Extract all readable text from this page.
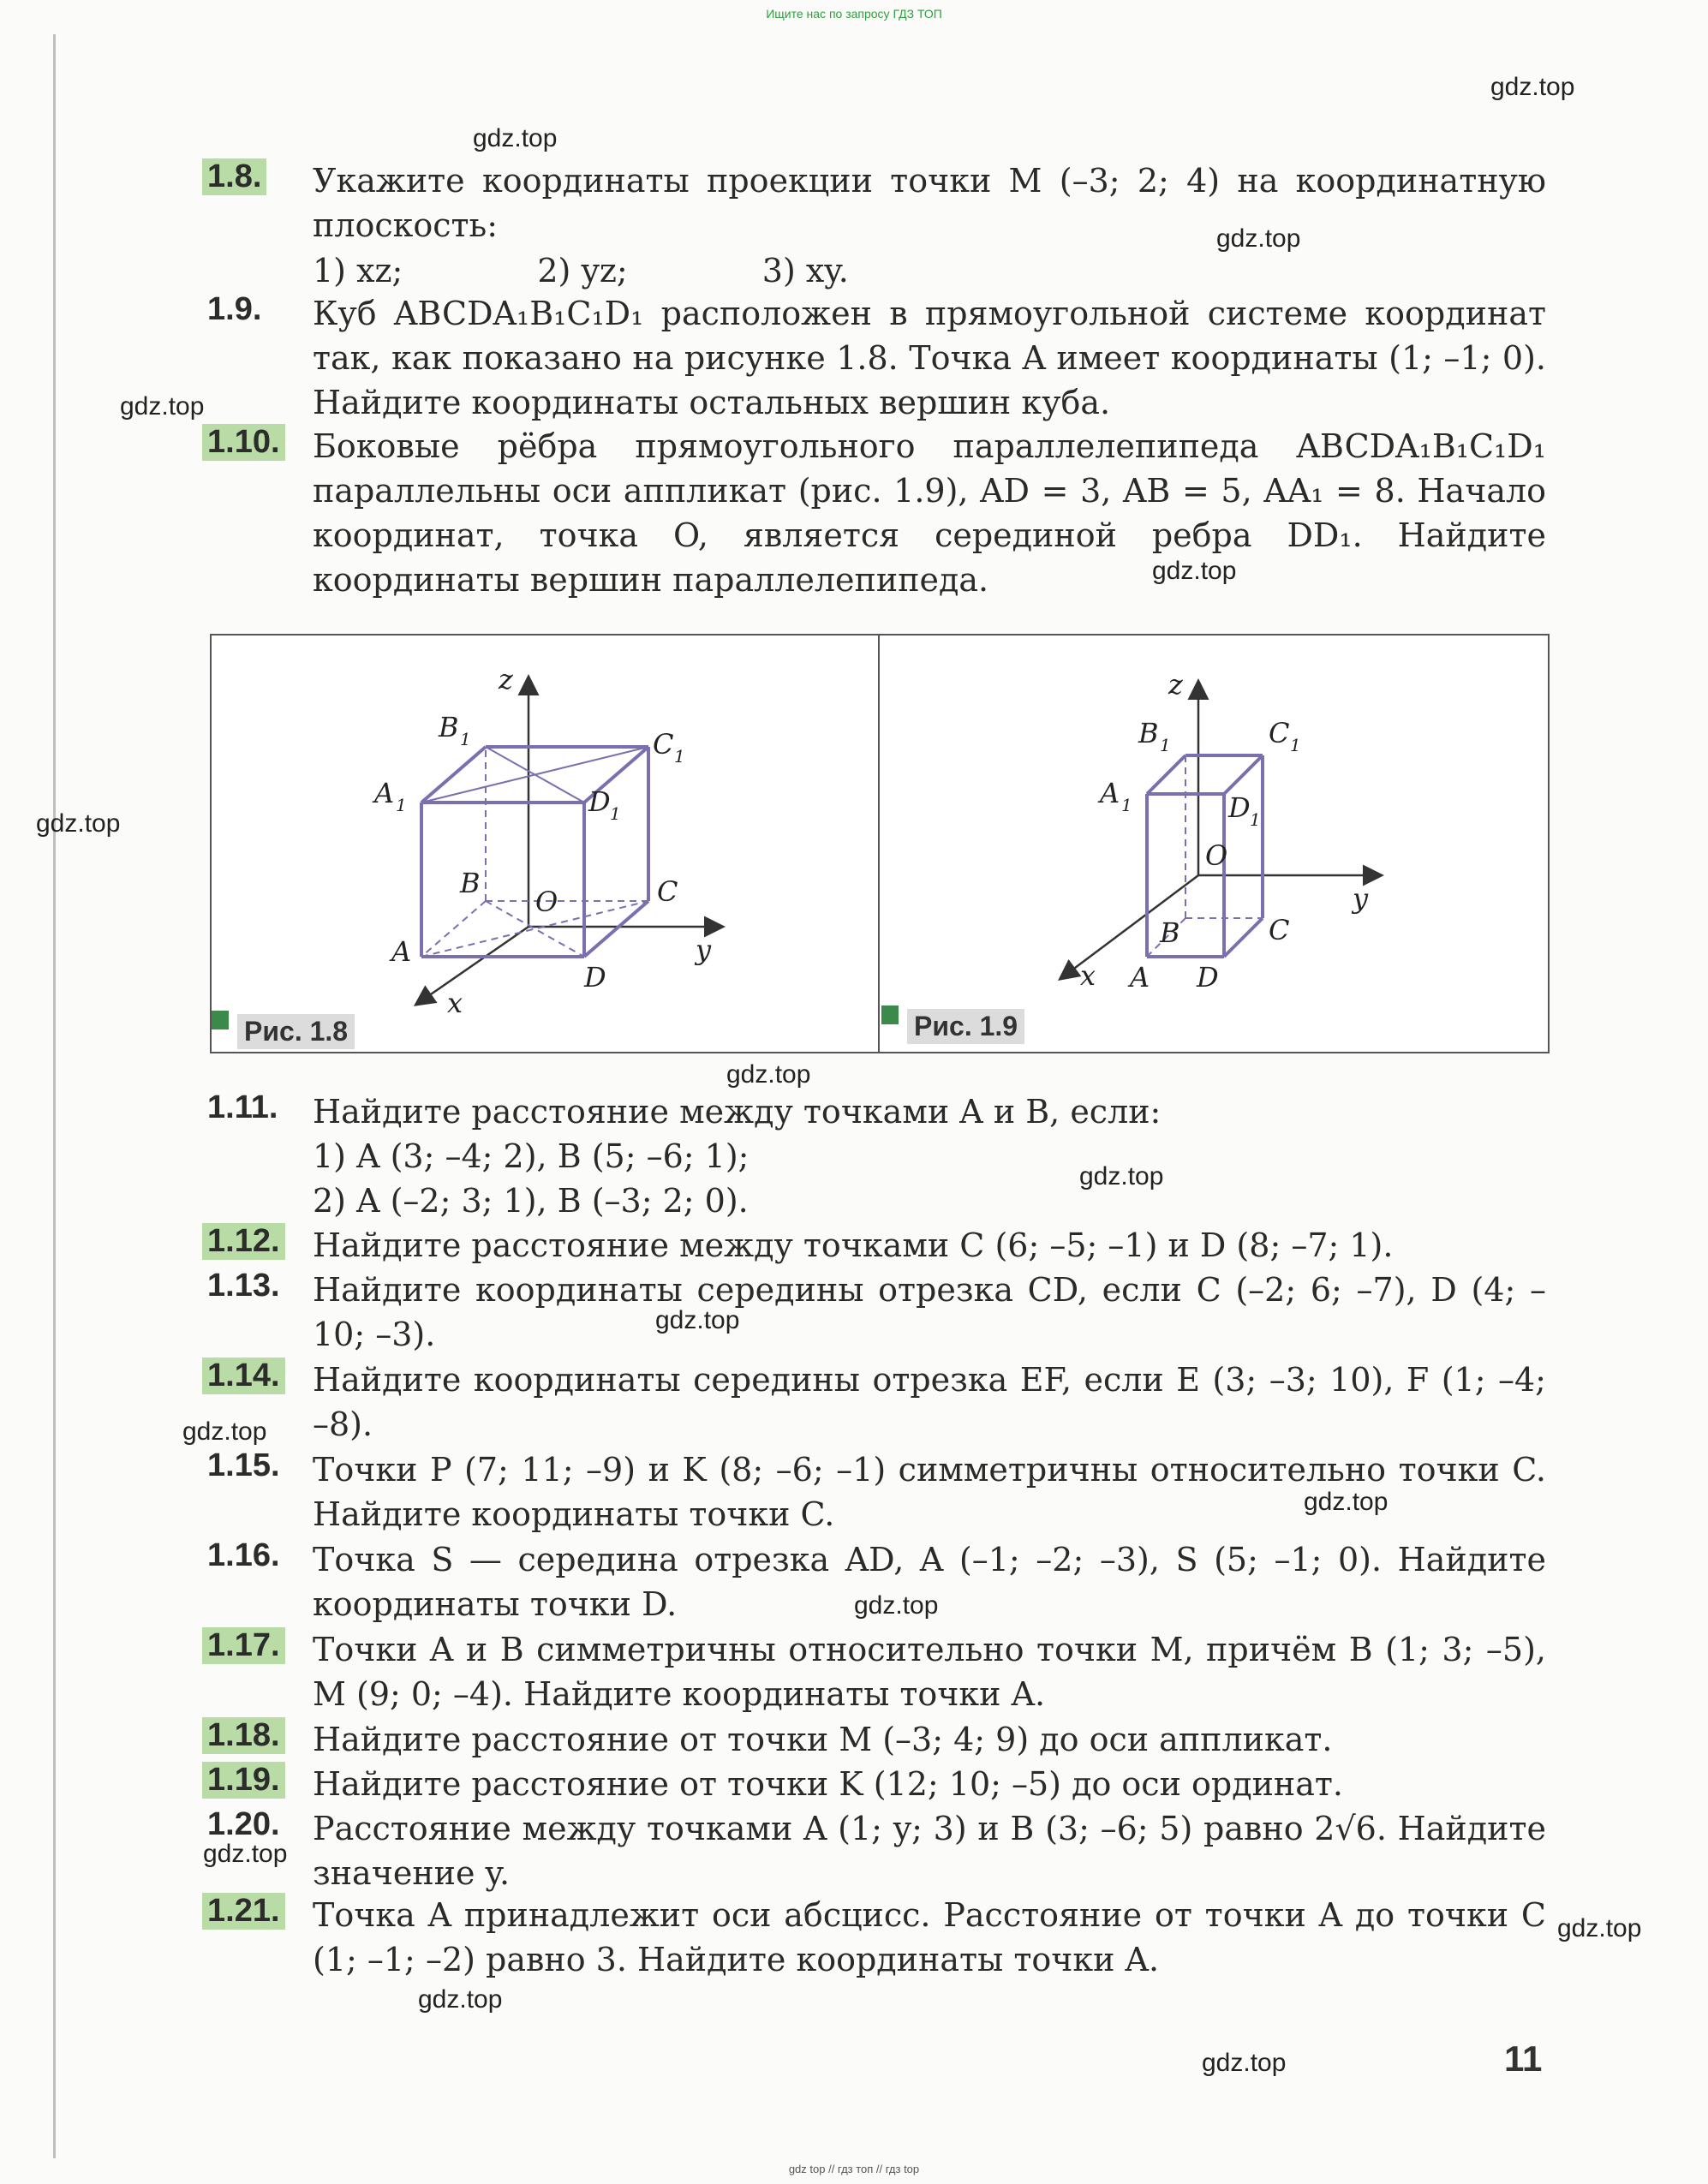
Ищите нас по запросу ГДЗ ТОП
gdz.top
gdz.top
gdz.top
gdz.top
gdz.top
gdz.top
gdz.top
gdz.top
gdz.top
gdz.top
gdz.top
gdz.top
gdz.top
gdz.top
gdz.top
gdz.top
1.8. Укажите координаты проекции точки M (–3; 2; 4) на координатную плоскость:
1) xz;             2) yz;             3) xy.
1.9. Куб ABCDA₁B₁C₁D₁ расположен в прямоугольной системе координат так, как показано на рисунке 1.8. Точка A имеет координаты (1; –1; 0). Найдите координаты остальных вершин куба.
1.10. Боковые рёбра прямоугольного параллелепипеда ABCDA₁B₁C₁D₁ параллельны оси аппликат (рис. 1.9), AD = 3, AB = 5, AA₁ = 8. Начало координат, точка O, является серединой ребра DD₁. Найдите координаты вершин параллелепипеда.
z
y
x
A
B	C
D
O
A 1
B 1	C 1
D 1
Рис. 1.8
z
y
x A
B	C
D
O
A 1
B 1	C 1
D 1
Рис. 1.9
1.11. Найдите расстояние между точками A и B, если:
1) A (3; –4; 2), B (5; –6; 1);
2) A (–2; 3; 1), B (–3; 2; 0).
1.12. Найдите расстояние между точками C (6; –5; –1) и D (8; –7; 1).
1.13. Найдите координаты середины отрезка CD, если C (–2; 6; –7), D (4; –10; –3).
1.14. Найдите координаты середины отрезка EF, если E (3; –3; 10), F (1; –4; –8).
1.15. Точки P (7; 11; –9) и K (8; –6; –1) симметричны относительно точки C. Найдите координаты точки C.
1.16. Точка S — середина отрезка AD, A (–1; –2; –3), S (5; –1; 0). Найдите координаты точки D.
1.17. Точки A и B симметричны относительно точки M, причём B (1; 3; –5), M (9; 0; –4). Найдите координаты точки A.
1.18. Найдите расстояние от точки M (–3; 4; 9) до оси аппликат.
1.19. Найдите расстояние от точки K (12; 10; –5) до оси ординат.
1.20. Расстояние между точками A (1; y; 3) и B (3; –6; 5) равно 2√6. Найдите значение y.
1.21. Точка A принадлежит оси абсцисс. Расстояние от точки A до точки C (1; –1; –2) равно 3. Найдите координаты точки A.
11
gdz top // гдз топ // гдз top
